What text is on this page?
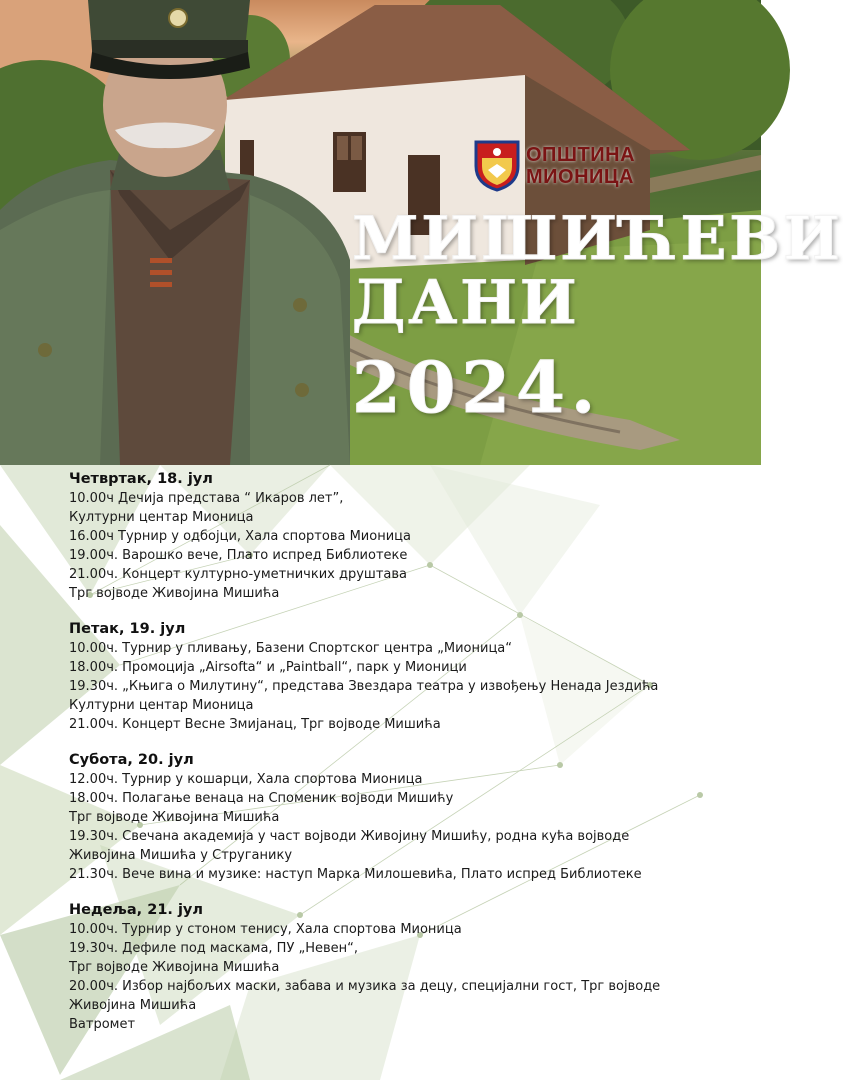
ОПШТИНА
МИОНИЦА
МИШИЋЕВИ
ДАНИ
2024.
Четвртак, 18. јул
10.00ч Дечија представа “ Икаров лет”,
Културни центар Мионица
16.00ч Турнир у одбојци, Хала спортова Мионица
19.00ч. Варошко вече, Плато испред Библиотеке
21.00ч. Концерт културно-уметничких друштава
Трг војводе Живојина Мишића
Петак, 19. јул
10.00ч. Турнир у пливању, Базени Спортског центра „Мионица“
18.00ч. Промоција „Airsofta“ и „Paintball“, парк у Мионици
19.30ч. „Књига о Милутину“, представа Звездара театра у извођењу Ненада Јездића
Културни центар Мионица
21.00ч. Концерт Весне Змијанац, Трг војводе Мишића
Субота, 20. јул
12.00ч. Турнир у кошарци, Хала спортова Мионица
18.00ч. Полагање венаца на Споменик војводи Мишићу
Трг војводе Живојина Мишића
19.30ч. Свечана академија у част војводи Живојину Мишићу, родна кућа војводе
Живојина Мишића у Струганику
21.30ч. Вече вина и музике: наступ Марка Милошевића, Плато испред Библиотеке
Недеља, 21. јул
10.00ч. Турнир у стоном тенису, Хала спортова Мионица
19.30ч. Дефиле под маскама, ПУ „Невен“,
Трг војводе Живојина Мишића
20.00ч. Избор најбољих маски, забава и музика за децу, специјални гост, Трг војводе
Живојина Мишића
Ватромет
